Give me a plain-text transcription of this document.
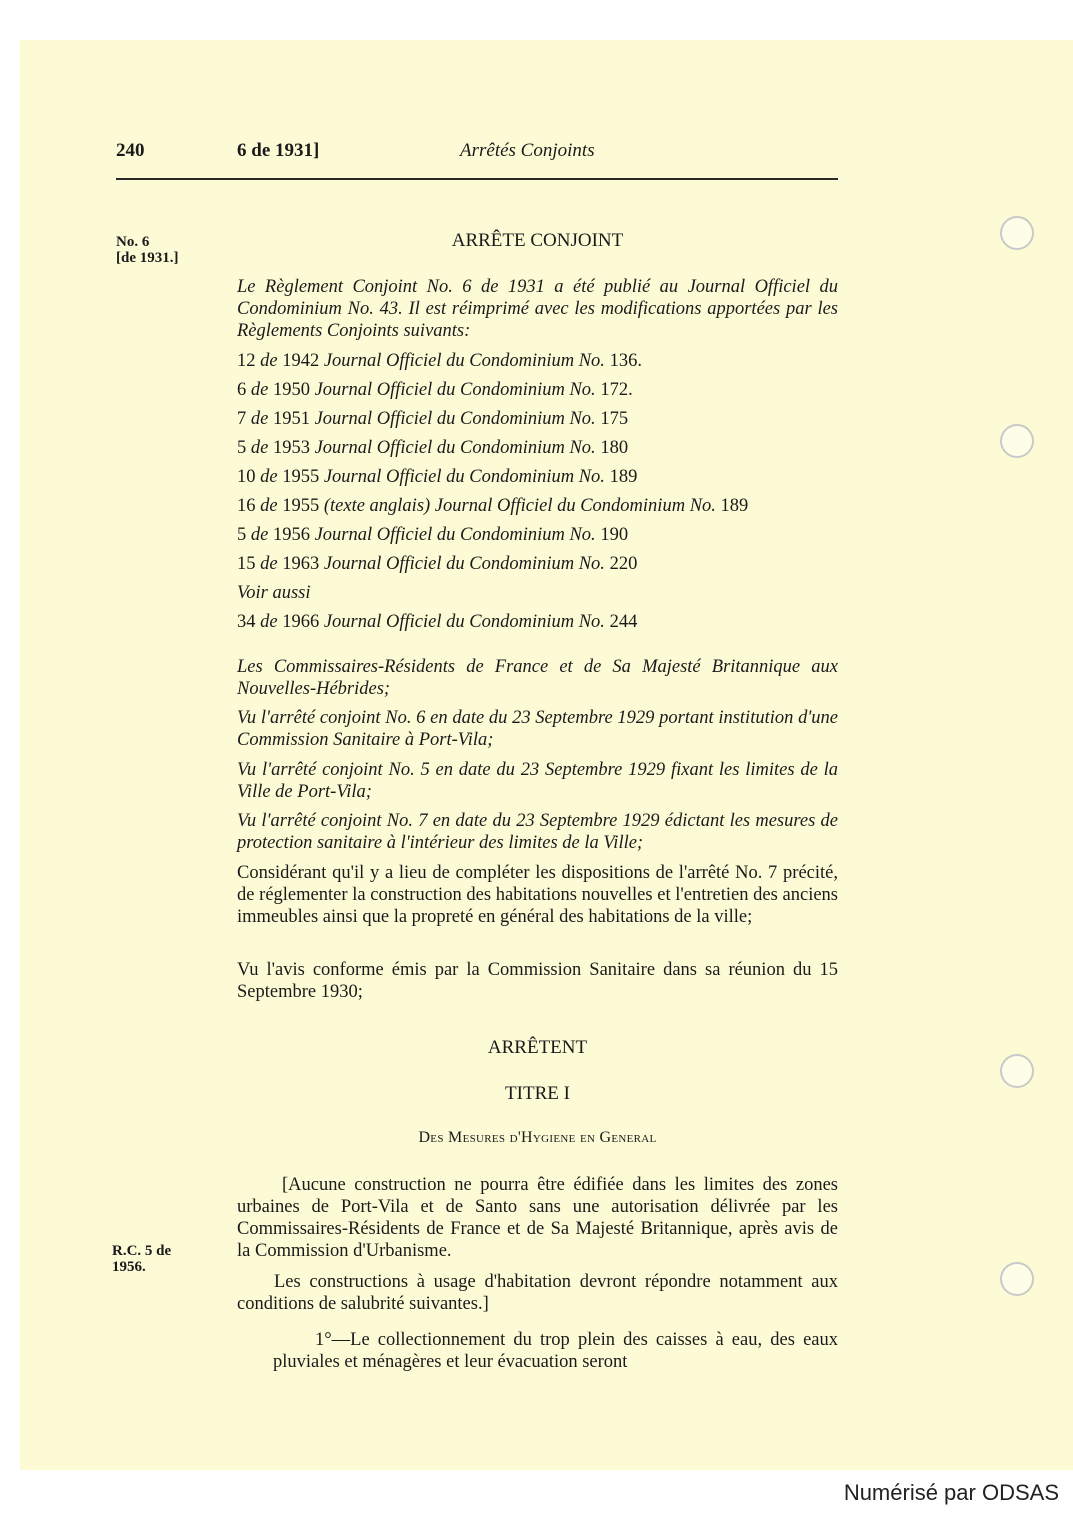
240	6 de 1931]	Arrêtés Conjoints
No. 6
[de 1931.]
R.C. 5 de
1956.
ARRÊTE CONJOINT
Le Règlement Conjoint No. 6 de 1931 a été publié au Journal Officiel du Condominium No. 43. Il est réimprimé avec les modifications apportées par les Règlements Conjoints suivants:
12 de 1942 Journal Officiel du Condominium No. 136.
6 de 1950 Journal Officiel du Condominium No. 172.
7 de 1951 Journal Officiel du Condominium No. 175
5 de 1953 Journal Officiel du Condominium No. 180
10 de 1955 Journal Officiel du Condominium No. 189
16 de 1955 (texte anglais) Journal Officiel du Condominium No. 189
5 de 1956 Journal Officiel du Condominium No. 190
15 de 1963 Journal Officiel du Condominium No. 220
Voir aussi
34 de 1966 Journal Officiel du Condominium No. 244
Les Commissaires-Résidents de France et de Sa Majesté Britannique aux Nouvelles-Hébrides;
Vu l'arrêté conjoint No. 6 en date du 23 Septembre 1929 portant institution d'une Commission Sanitaire à Port-Vila;
Vu l'arrêté conjoint No. 5 en date du 23 Septembre 1929 fixant les limites de la Ville de Port-Vila;
Vu l'arrêté conjoint No. 7 en date du 23 Septembre 1929 édictant les mesures de protection sanitaire à l'intérieur des limites de la Ville;
Considérant qu'il y a lieu de compléter les dispositions de l'arrêté No. 7 précité, de réglementer la construction des habitations nouvelles et l'entretien des anciens immeubles ainsi que la propreté en général des habitations de la ville;
Vu l'avis conforme émis par la Commission Sanitaire dans sa réunion du 15 Septembre 1930;
ARRÊTENT
TITRE I
Des Mesures d'Hygiene en General
[Aucune construction ne pourra être édifiée dans les limites des zones urbaines de Port-Vila et de Santo sans une autorisation délivrée par les Commissaires-Résidents de France et de Sa Majesté Britannique, après avis de la Commission d'Urbanisme.
Les constructions à usage d'habitation devront répondre notamment aux conditions de salubrité suivantes.]
1°—Le collectionnement du trop plein des caisses à eau, des eaux pluviales et ménagères et leur évacuation seront
Numérisé par ODSAS
